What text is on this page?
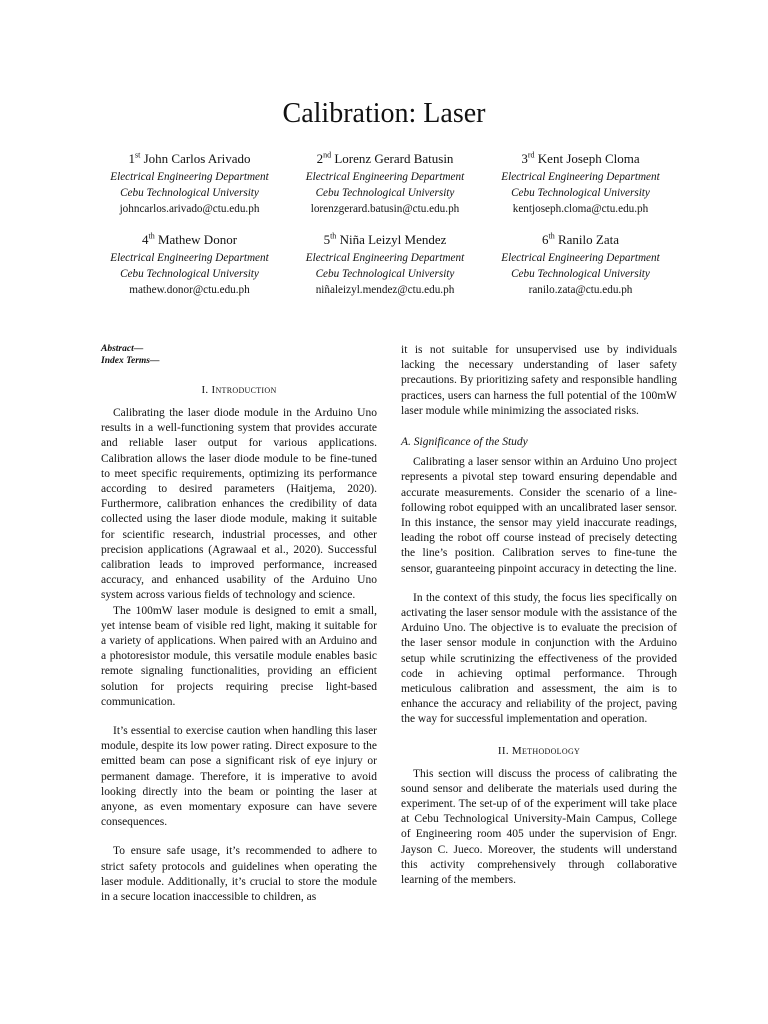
Calibration: Laser
1st John Carlos Arivado
Electrical Engineering Department
Cebu Technological University
johncarlos.arivado@ctu.edu.ph
2nd Lorenz Gerard Batusin
Electrical Engineering Department
Cebu Technological University
lorenzgerard.batusin@ctu.edu.ph
3rd Kent Joseph Cloma
Electrical Engineering Department
Cebu Technological University
kentjoseph.cloma@ctu.edu.ph
4th Mathew Donor
Electrical Engineering Department
Cebu Technological University
mathew.donor@ctu.edu.ph
5th Niña Leizyl Mendez
Electrical Engineering Department
Cebu Technological University
niñaleizyl.mendez@ctu.edu.ph
6th Ranilo Zata
Electrical Engineering Department
Cebu Technological University
ranilo.zata@ctu.edu.ph
Abstract—
Index Terms—
I. Introduction

Calibrating the laser diode module in the Arduino Uno results in a well-functioning system that provides accurate and reliable laser output for various applications. Calibration allows the laser diode module to be fine-tuned to meet specific requirements, optimizing its performance according to desired parameters (Haitjema, 2020). Furthermore, calibration enhances the credibility of data collected using the laser diode module, making it suitable for scientific research, industrial processes, and other precision applications (Agrawaal et al., 2020). Successful calibration leads to improved performance, increased accuracy, and enhanced usability of the Arduino Uno system across various fields of technology and science.

The 100mW laser module is designed to emit a small, yet intense beam of visible red light, making it suitable for a variety of applications. When paired with an Arduino and a photoresistor module, this versatile module enables basic remote signaling functionalities, providing an efficient solution for projects requiring precise light-based communication.

It’s essential to exercise caution when handling this laser module, despite its low power rating. Direct exposure to the emitted beam can pose a significant risk of eye injury or permanent damage. Therefore, it is imperative to avoid looking directly into the beam or pointing the laser at anyone, as even momentary exposure can have severe consequences.

To ensure safe usage, it’s recommended to adhere to strict safety protocols and guidelines when operating the laser module. Additionally, it’s crucial to store the module in a secure location inaccessible to children, as

it is not suitable for unsupervised use by individuals lacking the necessary understanding of laser safety precautions. By prioritizing safety and responsible handling practices, users can harness the full potential of the 100mW laser module while minimizing the associated risks.

A. Significance of the Study

Calibrating a laser sensor within an Arduino Uno project represents a pivotal step toward ensuring dependable and accurate measurements. Consider the scenario of a line-following robot equipped with an uncalibrated laser sensor. In this instance, the sensor may yield inaccurate readings, leading the robot off course instead of precisely detecting the line’s position. Calibration serves to fine-tune the sensor, guaranteeing pinpoint accuracy in detecting the line.

In the context of this study, the focus lies specifically on activating the laser sensor module with the assistance of the Arduino Uno. The objective is to evaluate the precision of the laser sensor module in conjunction with the Arduino setup while scrutinizing the effectiveness of the provided code in achieving optimal performance. Through meticulous calibration and assessment, the aim is to enhance the accuracy and reliability of the project, paving the way for successful implementation and operation.

II. Methodology

This section will discuss the process of calibrating the sound sensor and deliberate the materials used during the experiment. The set-up of of the experiment will take place at Cebu Technological University-Main Campus, College of Engineering room 405 under the supervision of Engr. Jayson C. Jueco. Moreover, the students will understand this activity comprehensively through collaborative learning of the members.
